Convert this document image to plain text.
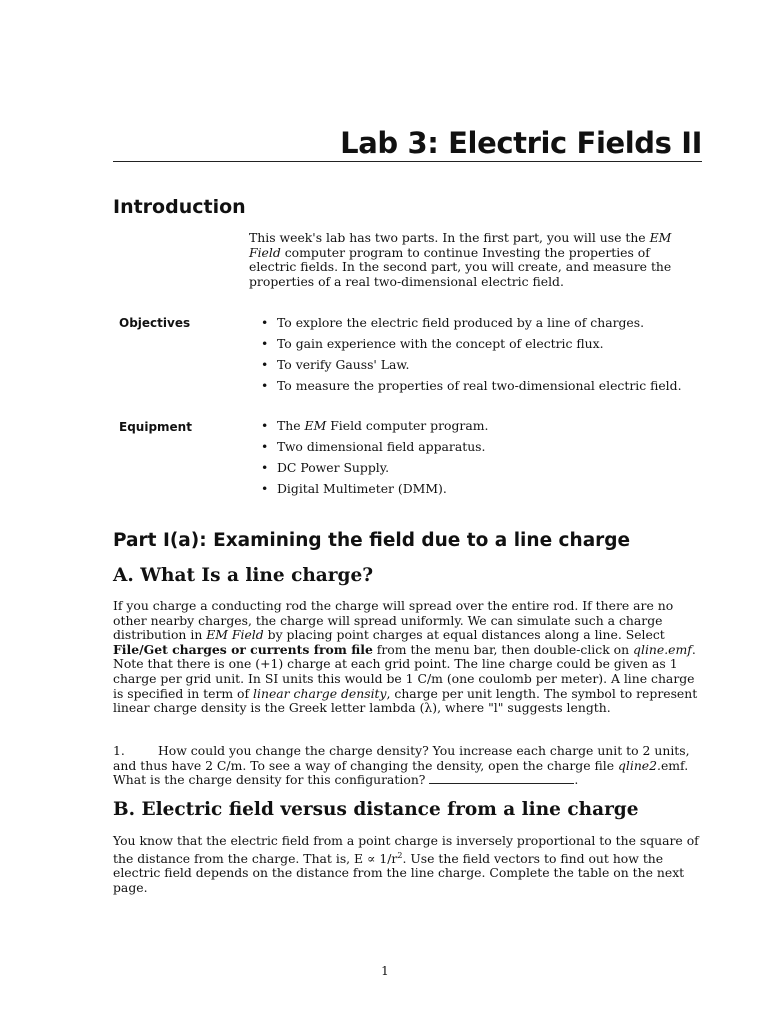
Lab 3: Electric Fields II
Introduction
This week's lab has two parts. In the first part, you will use the EM Field computer program to continue Investing the properties of electric fields. In the second part, you will create, and measure the properties of a real two-dimensional electric field.
Objectives	• To explore the electric field produced by a line of charges.
• To gain experience with the concept of electric flux.
• To verify Gauss' Law.
• To measure the properties of real two-dimensional electric field.
Equipment	• The EM Field computer program.
• Two dimensional field apparatus.
• DC Power Supply.
• Digital Multimeter (DMM).
Part I(a): Examining the field due to a line charge
A. What Is a line charge?
If you charge a conducting rod the charge will spread over the entire rod. If there are no other nearby charges, the charge will spread uniformly. We can simulate such a charge distribution in EM Field by placing point charges at equal distances along a line. Select File/Get charges or currents from file from the menu bar, then double-click on qline.emf. Note that there is one (+1) charge at each grid point. The line charge could be given as 1 charge per grid unit. In SI units this would be 1 C/m (one coulomb per meter). A line charge is specified in term of linear charge density, charge per unit length. The symbol to represent linear charge density is the Greek letter lambda (λ), where "l" suggests length.
1.	How could you change the charge density? You increase each charge unit to 2 units, and thus have 2 C/m. To see a way of changing the density, open the charge file qline2.emf. What is the charge density for this configuration?	.
B. Electric field versus distance from a line charge
You know that the electric field from a point charge is inversely proportional to the square of the distance from the charge. That is, $E \propto 1/r^2$. Use the field vectors to find out how the electric field depends on the distance from the line charge. Complete the table on the next page.
1
